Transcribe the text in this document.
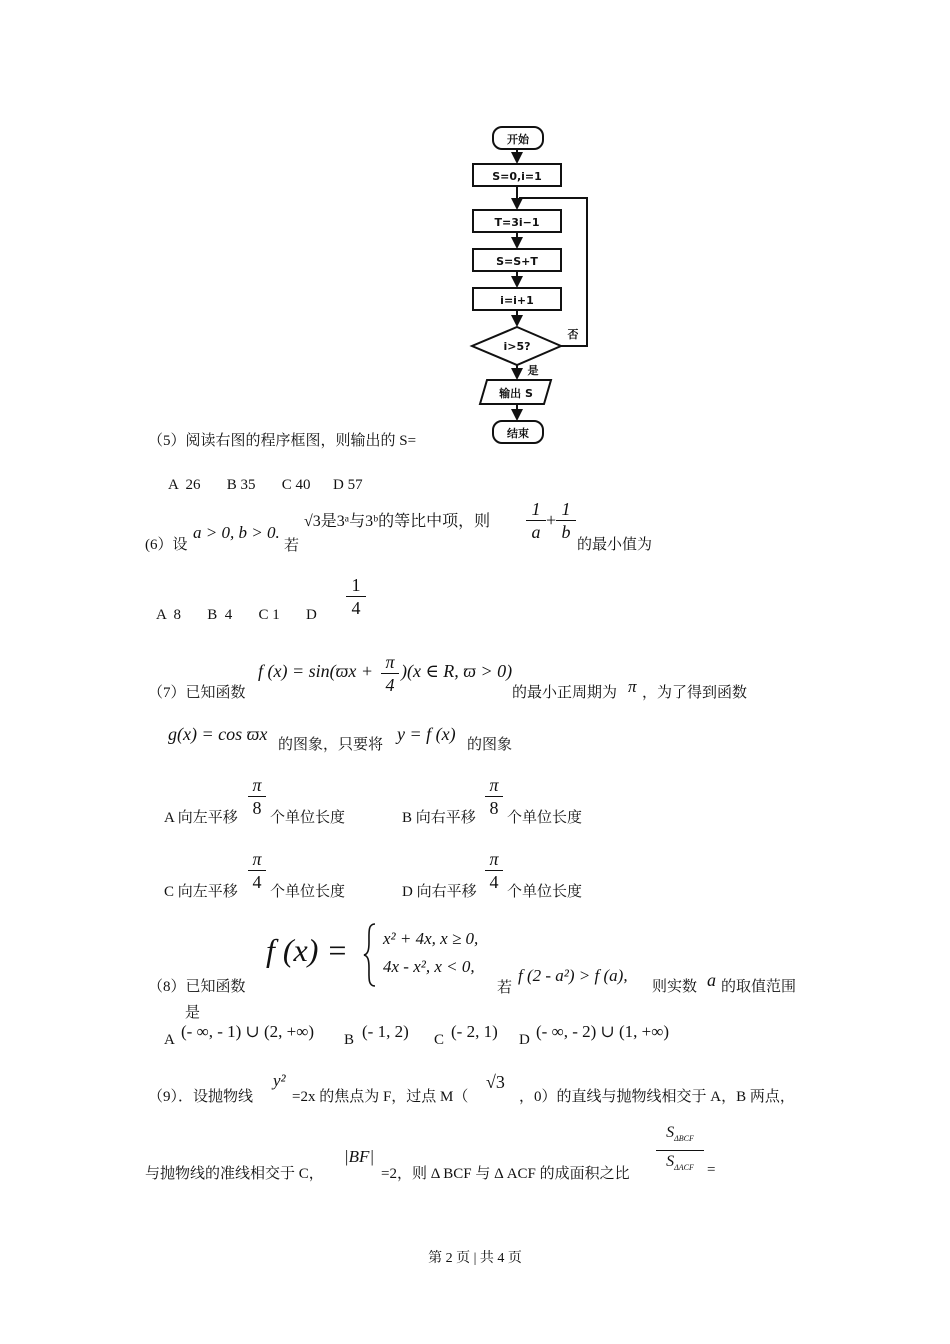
开始
S=0,i=1
T=3i−1
S=S+T
i=i+1
i>5?
否
是
输出 S
结束
（5）阅读右图的程序框图，则输出的 S=
A  26       B 35       C 40      D 57
(6）设
a > 0, b > 0.
若
√3是3ᵃ与3ᵇ的等比中项，则 $\frac{1}{a} + \frac{1}{b}$
的最小值为
A  8       B  4       C 1       D $\frac{1}{4}$
（7）已知函数
f $(x) = \sin(ϖx + \frac{\pi}{4} )(x$ ∈ R, ϖ > 0)
的最小正周期为 π ，为了得到函数
g(x) = cos ϖx
的图象，只要将
y = f (x)
的图象
A 向左平移 $\frac{\pi}{8}$ 个单位长度	B 向右平移 $\frac{\pi}{8}$ 个单位长度
C 向左平移 $\frac{\pi}{4}$ 个单位长度	D 向右平移 $\frac{\pi}{4}$ 个单位长度
（8）已知函数
f (x) = x² + 4x, x ≥ 0,
4x - x², x < 0,
若
f (2 - a²) > f (a),
则实数 a 的取值范围
是
A (- ∞, - 1) ∪ (2, +∞) B (- 1, 2) C (- 2, 1) D (- ∞, - 2) ∪ (1, +∞)
（9）．设抛物线
y²
=2x 的焦点为 F，过点 M（
√3
，0）的直线与抛物线相交于 A，B 两点，
与抛物线的准线相交于 C，
|BF|
=2，则 Δ BCF 与 Δ ACF 的成面积之比
$S_{\Delta BCF}$
$S_{\Delta ACF}$ =
第 2 页 | 共 4 页
